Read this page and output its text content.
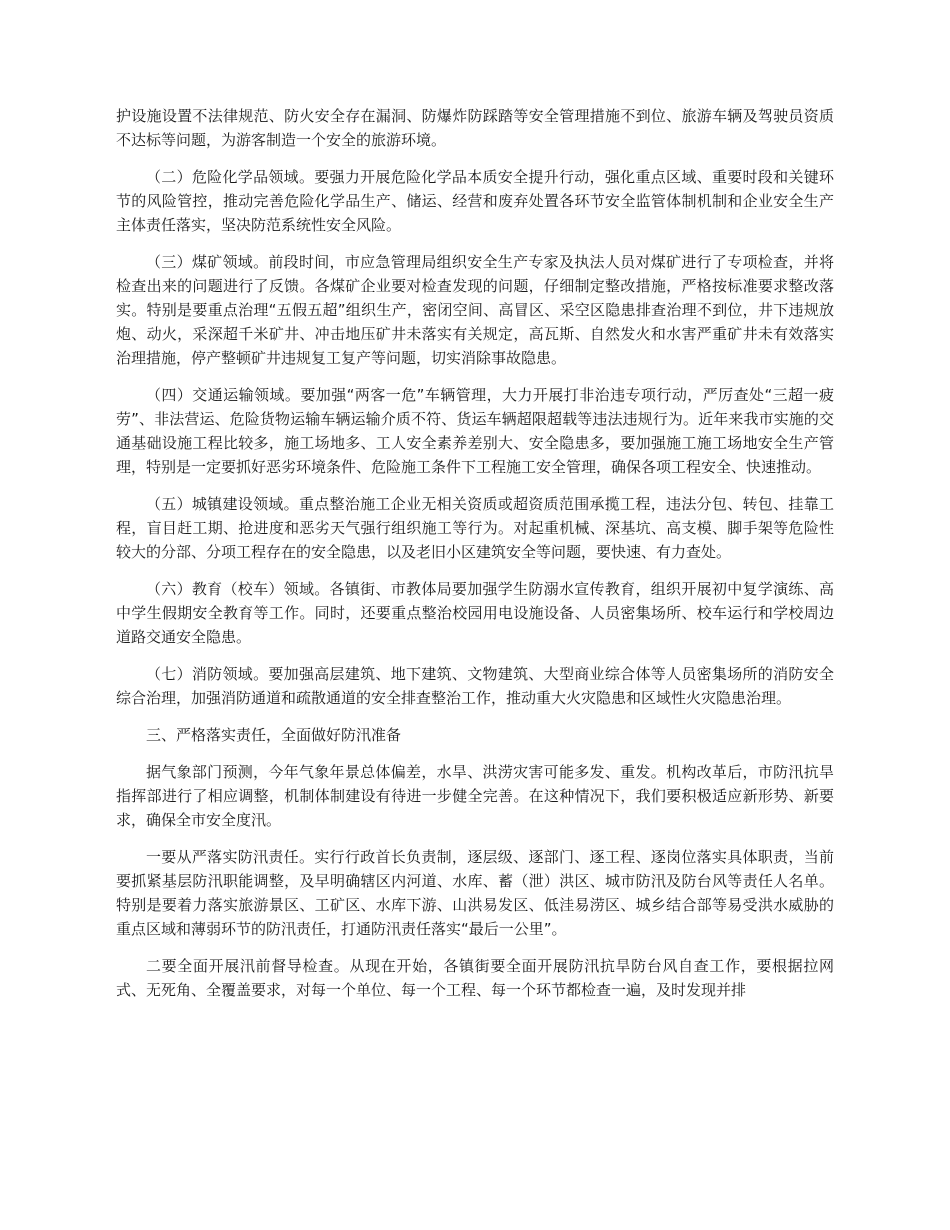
护设施设置不法律规范、防火安全存在漏洞、防爆炸防踩踏等安全管理措施不到位、旅游车辆及驾驶员资质不达标等问题，为游客制造一个安全的旅游环境。

（二）危险化学品领域。要强力开展危险化学品本质安全提升行动，强化重点区域、重要时段和关键环节的风险管控，推动完善危险化学品生产、储运、经营和废弃处置各环节安全监管体制机制和企业安全生产主体责任落实，坚决防范系统性安全风险。

（三）煤矿领域。前段时间，市应急管理局组织安全生产专家及执法人员对煤矿进行了专项检查，并将检查出来的问题进行了反馈。各煤矿企业要对检查发现的问题，仔细制定整改措施，严格按标准要求整改落实。特别是要重点治理“五假五超”组织生产，密闭空间、高冒区、采空区隐患排查治理不到位，井下违规放炮、动火，采深超千米矿井、冲击地压矿井未落实有关规定，高瓦斯、自然发火和水害严重矿井未有效落实治理措施，停产整顿矿井违规复工复产等问题，切实消除事故隐患。

（四）交通运输领域。要加强“两客一危”车辆管理，大力开展打非治违专项行动，严厉查处“三超一疲劳”、非法营运、危险货物运输车辆运输介质不符、货运车辆超限超载等违法违规行为。近年来我市实施的交通基础设施工程比较多，施工场地多、工人安全素养差别大、安全隐患多，要加强施工施工场地安全生产管理，特别是一定要抓好恶劣环境条件、危险施工条件下工程施工安全管理，确保各项工程安全、快速推动。

（五）城镇建设领域。重点整治施工企业无相关资质或超资质范围承揽工程，违法分包、转包、挂靠工程，盲目赶工期、抢进度和恶劣天气强行组织施工等行为。对起重机械、深基坑、高支模、脚手架等危险性较大的分部、分项工程存在的安全隐患，以及老旧小区建筑安全等问题，要快速、有力查处。

（六）教育（校车）领域。各镇街、市教体局要加强学生防溺水宣传教育，组织开展初中复学演练、高中学生假期安全教育等工作。同时，还要重点整治校园用电设施设备、人员密集场所、校车运行和学校周边道路交通安全隐患。

（七）消防领域。要加强高层建筑、地下建筑、文物建筑、大型商业综合体等人员密集场所的消防安全综合治理，加强消防通道和疏散通道的安全排查整治工作，推动重大火灾隐患和区域性火灾隐患治理。

三、严格落实责任，全面做好防汛准备

据气象部门预测，今年气象年景总体偏差，水旱、洪涝灾害可能多发、重发。机构改革后，市防汛抗旱指挥部进行了相应调整，机制体制建设有待进一步健全完善。在这种情况下，我们要积极适应新形势、新要求，确保全市安全度汛。

一要从严落实防汛责任。实行行政首长负责制，逐层级、逐部门、逐工程、逐岗位落实具体职责，当前要抓紧基层防汛职能调整，及早明确辖区内河道、水库、蓄（泄）洪区、城市防汛及防台风等责任人名单。特别是要着力落实旅游景区、工矿区、水库下游、山洪易发区、低洼易涝区、城乡结合部等易受洪水威胁的重点区域和薄弱环节的防汛责任，打通防汛责任落实“最后一公里”。

二要全面开展汛前督导检查。从现在开始，各镇街要全面开展防汛抗旱防台风自查工作，要根据拉网式、无死角、全覆盖要求，对每一个单位、每一个工程、每一个环节都检查一遍，及时发现并排
